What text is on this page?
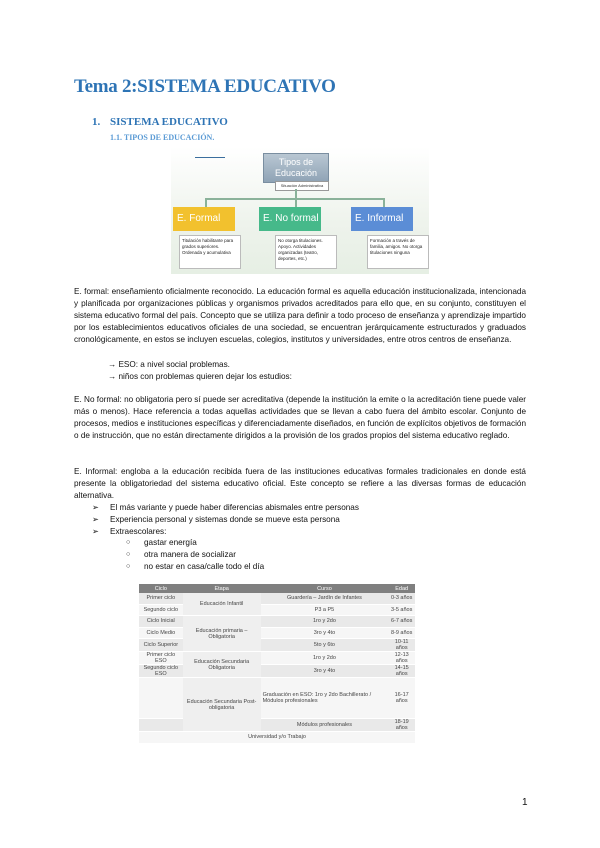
Tema 2:SISTEMA EDUCATIVO
1. SISTEMA EDUCATIVO
1.1. TIPOS DE EDUCACIÓN.
Tipos de Educación
Situación Administrativa
E. Formal	E. No formal	E. Informal
Titulación habilitante para grados superiores. Ordenada y acumulativa
No otorga titulaciones. Apoyo. Actividades organizadas (teatro, deportes, etc.)
Formación a través de familia, amigos. No otorga titulaciones ninguna

E. formal: enseñamiento oficialmente reconocido. La educación formal es aquella educación institucionalizada, intencionada y planificada por organizaciones públicas y organismos privados acreditados para ello que, en su conjunto, constituyen el sistema educativo formal del país. Concepto que se utiliza para definir a todo proceso de enseñanza y aprendizaje impartido por los establecimientos educativos oficiales de una sociedad, se encuentran jerárquicamente estructurados y graduados cronológicamente, en estos se incluyen escuelas, colegios, institutos y universidades, entre otros centros de enseñanza.

→ ESO: a nivel social problemas.
→ niños con problemas quieren dejar los estudios:

E. No formal: no obligatoria pero sí puede ser acreditativa (depende la institución la emite o la acreditación tiene puede valer más o menos). Hace referencia a todas aquellas actividades que se llevan a cabo fuera del ámbito escolar. Conjunto de procesos, medios e instituciones específicas y diferenciadamente diseñados, en función de explícitos objetivos de formación o de instrucción, que no están directamente dirigidos a la provisión de los grados propios del sistema educativo reglado.

E. Informal: engloba a la educación recibida fuera de las instituciones educativas formales tradicionales en donde está presente la obligatoriedad del sistema educativo oficial. Este concepto se refiere a las diversas formas de educación alternativa.

➢	El más variante y puede haber diferencias abismales entre personas
➢	Experiencia personal y sistemas donde se mueve esta persona
➢	Extraescolares:
○	gastar energía
○	otra manera de socializar
○	no estar en casa/calle todo el día
Ciclo	Etapa	Curso	Edad
Primer ciclo	Educación Infantil	Guardería – Jardín de Infantes	0-3 años
Segundo ciclo		P3 a P5	3-5 años
Ciclo Inicial	Educación primaria – Obligatoria	1ro y 2do	6-7 años
Ciclo Medio		3ro y 4to	8-9 años
Ciclo Superior		5to y 6to	10-11 años
Primer ciclo ESO	Educación Secundaria Obligatoria	1ro y 2do	12-13 años
Segundo ciclo ESO		3ro y 4to	14-15 años
	Educación Secundaria Post-obligatoria	Graduación en ESO: 1ro y 2do Bachillerato / Módulos profesionales	16-17 años
		Módulos profesionales	18-19 años
Universidad y/o Trabajo			
1
